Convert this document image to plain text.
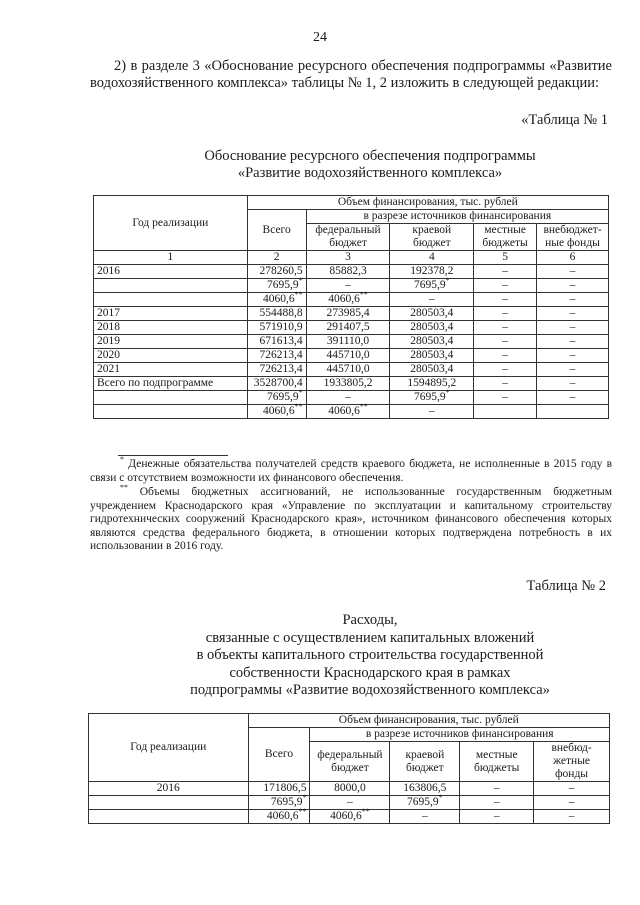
24
2) в разделе 3 «Обоснование ресурсного обеспечения подпрограммы «Развитие водохозяйственного комплекса» таблицы № 1, 2 изложить в следующей редакции:
«Таблица № 1
Обоснование ресурсного обеспечения подпрограммы
«Развитие водохозяйственного комплекса»
Год реализации	Объем финансирования, тыс. рублей				
	Всего	в разрезе источников финансирования			
		федеральный бюджет	краевой бюджет	местные бюджеты	внебюджет-ные фонды
1	2	3	4	5	6
2016	278260,5	85882,3	192378,2	–	–
	7695,9*	–	7695,9*	–	–
	4060,6**	4060,6**	–	–	–
2017	554488,8	273985,4	280503,4	–	–
2018	571910,9	291407,5	280503,4	–	–
2019	671613,4	391110,0	280503,4	–	–
2020	726213,4	445710,0	280503,4	–	–
2021	726213,4	445710,0	280503,4	–	–
Всего по подпрограмме	3528700,4	1933805,2	1594895,2	–	–
	7695,9*	–	7695,9*	–	–
	4060,6**	4060,6**	–		
* Денежные обязательства получателей средств краевого бюджета, не исполненные в 2015 году в связи с отсутствием возможности их финансового обеспечения.
** Объемы бюджетных ассигнований, не использованные государственным бюджетным учреждением Краснодарского края «Управление по эксплуатации и капитальному строительству гидротехнических сооружений Краснодарского края», источником финансового обеспечения которых являются средства федерального бюджета, в отношении которых подтверждена потребность в их использовании в 2016 году.
Таблица № 2
Расходы,
связанные с осуществлением капитальных вложений
в объекты капитального строительства государственной
собственности Краснодарского края в рамках
подпрограммы «Развитие водохозяйственного комплекса»
Год реализации	Объем финансирования, тыс. рублей				
	Всего	в разрезе источников финансирования			
		федеральный бюджет	краевой бюджет	местные бюджеты	внебюд-жетные фонды
2016	171806,5	8000,0	163806,5	–	–
	7695,9*	–	7695,9*	–	–
	4060,6**	4060,6**	–	–	–
